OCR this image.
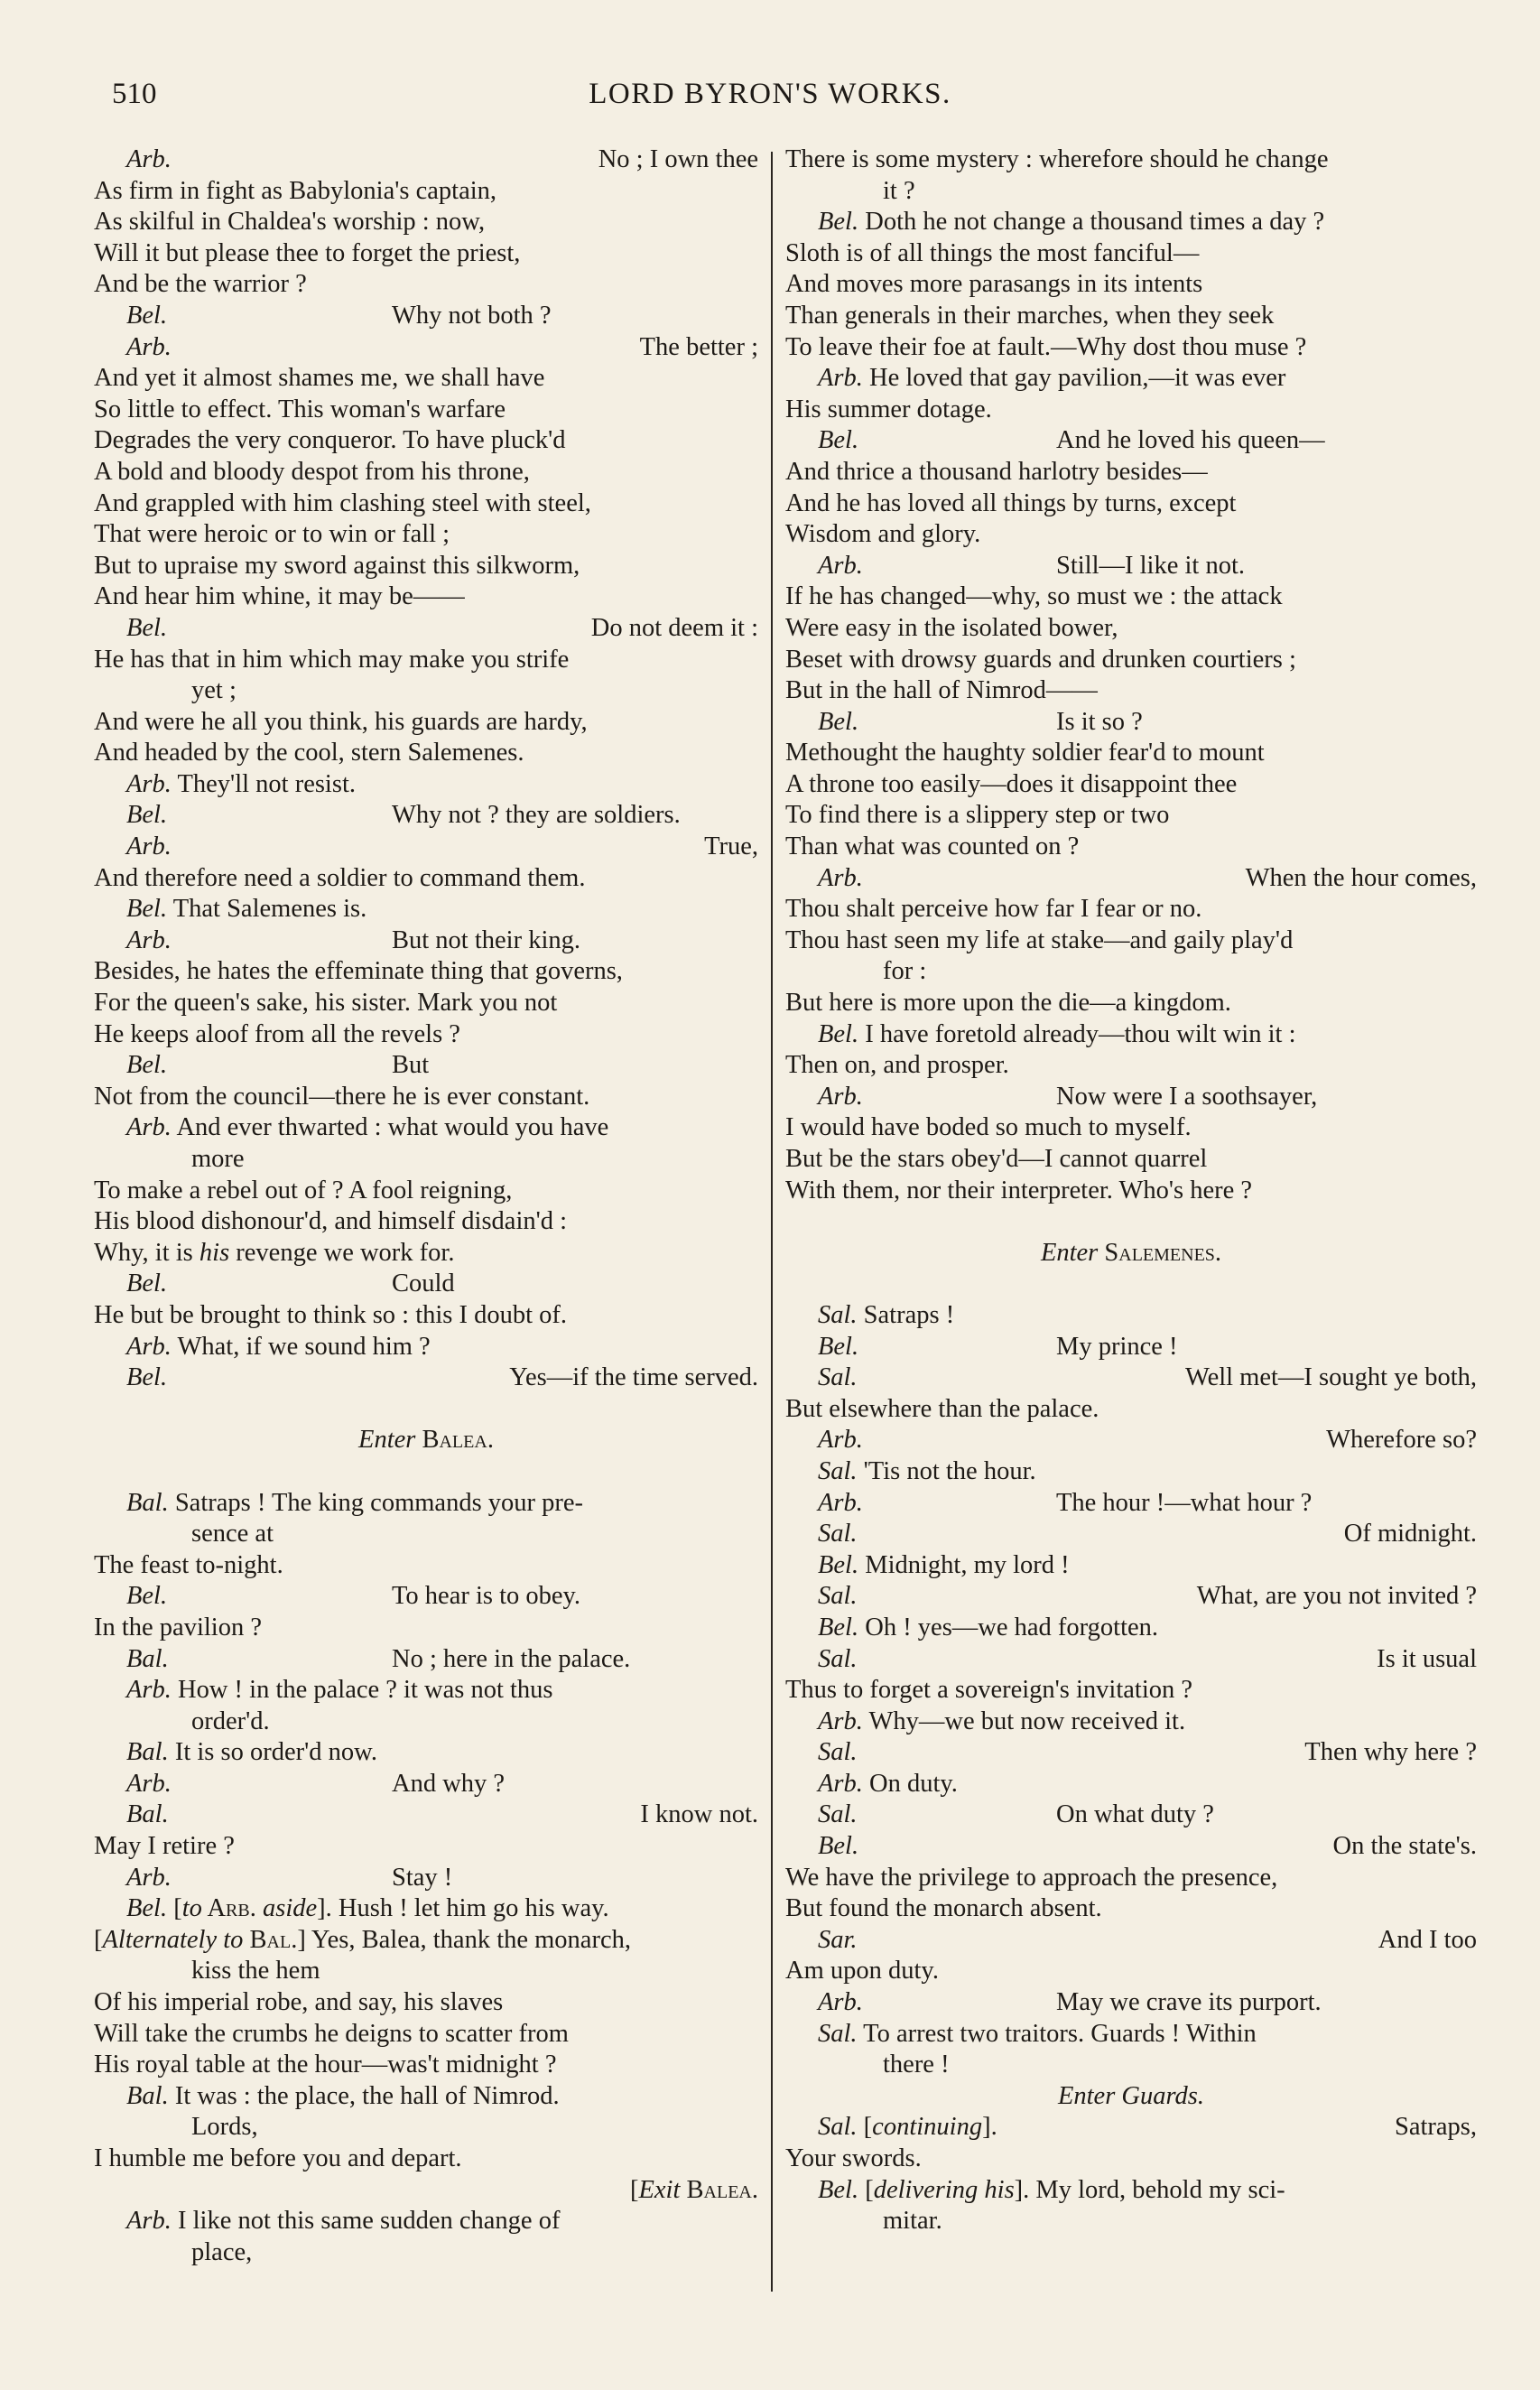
510	LORD BYRON'S WORKS.
Arb.	No ; I own thee
As firm in fight as Babylonia's captain,
As skilful in Chaldea's worship : now,
Will it but please thee to forget the priest,
And be the warrior ?
Bel.	Why not both ?
Arb.	The better ;
And yet it almost shames me, we shall have
So little to effect. This woman's warfare
Degrades the very conqueror. To have pluck'd
A bold and bloody despot from his throne,
And grappled with him clashing steel with steel,
That were heroic or to win or fall ;
But to upraise my sword against this silkworm,
And hear him whine, it may be——
Bel.	Do not deem it :
He has that in him which may make you strife
yet ;
And were he all you think, his guards are hardy,
And headed by the cool, stern Salemenes.
Arb. They'll not resist.
Bel.	Why not ? they are soldiers.
Arb.	True,
And therefore need a soldier to command them.
Bel. That Salemenes is.
Arb.	But not their king.
Besides, he hates the effeminate thing that governs,
For the queen's sake, his sister. Mark you not
He keeps aloof from all the revels ?
Bel.	But
Not from the council—there he is ever constant.
Arb. And ever thwarted : what would you have
more
To make a rebel out of ? A fool reigning,
His blood dishonour'd, and himself disdain'd :
Why, it is his revenge we work for.
Bel.	Could
He but be brought to think so : this I doubt of.
Arb. What, if we sound him ?
Bel.	Yes—if the time served.
Enter Balea.
Bal. Satraps ! The king commands your pre-
sence at
The feast to-night.
Bel.	To hear is to obey.
In the pavilion ?
Bal.	No ; here in the palace.
Arb. How ! in the palace ? it was not thus
order'd.
Bal. It is so order'd now.
Arb.	And why ?
Bal.	I know not.
May I retire ?
Arb.	Stay !
Bel. [to Arb. aside]. Hush ! let him go his way.
[Alternately to Bal.] Yes, Balea, thank the monarch,
kiss the hem
Of his imperial robe, and say, his slaves
Will take the crumbs he deigns to scatter from
His royal table at the hour—was't midnight ?
Bal. It was : the place, the hall of Nimrod.
Lords,
I humble me before you and depart.
[Exit Balea.
Arb. I like not this same sudden change of
place,
There is some mystery : wherefore should he change
it ?
Bel. Doth he not change a thousand times a day ?
Sloth is of all things the most fanciful—
And moves more parasangs in its intents
Than generals in their marches, when they seek
To leave their foe at fault.—Why dost thou muse ?
Arb. He loved that gay pavilion,—it was ever
His summer dotage.
Bel.	And he loved his queen—
And thrice a thousand harlotry besides—
And he has loved all things by turns, except
Wisdom and glory.
Arb.	Still—I like it not.
If he has changed—why, so must we : the attack
Were easy in the isolated bower,
Beset with drowsy guards and drunken courtiers ;
But in the hall of Nimrod——
Bel.	Is it so ?
Methought the haughty soldier fear'd to mount
A throne too easily—does it disappoint thee
To find there is a slippery step or two
Than what was counted on ?
Arb.	When the hour comes,
Thou shalt perceive how far I fear or no.
Thou hast seen my life at stake—and gaily play'd
for :
But here is more upon the die—a kingdom.
Bel. I have foretold already—thou wilt win it :
Then on, and prosper.
Arb.	Now were I a soothsayer,
I would have boded so much to myself.
But be the stars obey'd—I cannot quarrel
With them, nor their interpreter. Who's here ?
Enter Salemenes.
Sal. Satraps !
Bel.	My prince !
Sal.	Well met—I sought ye both,
But elsewhere than the palace.
Arb.	Wherefore so?
Sal. 'Tis not the hour.
Arb.	The hour !—what hour ?
Sal.	Of midnight.
Bel. Midnight, my lord !
Sal.	What, are you not invited ?
Bel. Oh ! yes—we had forgotten.
Sal.	Is it usual
Thus to forget a sovereign's invitation ?
Arb. Why—we but now received it.
Sal.	Then why here ?
Arb. On duty.
Sal.	On what duty ?
Bel.	On the state's.
We have the privilege to approach the presence,
But found the monarch absent.
Sar.	And I too
Am upon duty.
Arb.	May we crave its purport.
Sal. To arrest two traitors. Guards ! Within
there !
Enter Guards.
Sal. [continuing].	Satraps,
Your swords.
Bel. [delivering his]. My lord, behold my sci-
mitar.
